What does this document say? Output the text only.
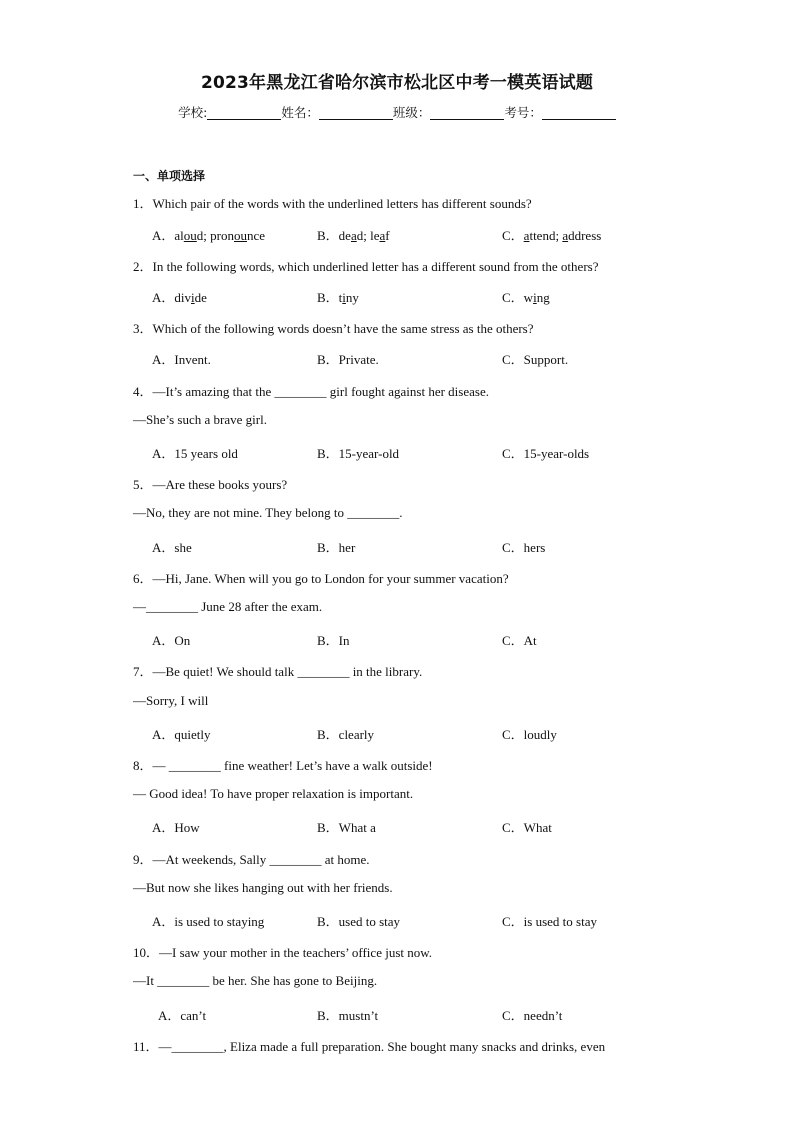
2023年黑龙江省哈尔滨市松北区中考一模英语试题
学校:	姓名：	班级：	考号：
一、单项选择
1．Which pair of the words with the underlined letters has different sounds?
A．aloud; pronounce	B．dead; leaf	C．attend; address
2．In the following words, which underlined letter has a different sound from the others?
A．divide	B．tiny	C．wing
3．Which of the following words doesn’t have the same stress as the others?
A．Invent.	B．Private.	C．Support.
4．—It’s amazing that the ________ girl fought against her disease.
—She’s such a brave girl.
A．15 years old	B．15-year-old	C．15-year-olds
5．—Are these books yours?
—No, they are not mine. They belong to ________.
A．she	B．her	C．hers
6．—Hi, Jane. When will you go to London for your summer vacation?
—________ June 28 after the exam.
A．On	B．In	C．At
7．—Be quiet! We should talk ________ in the library.
—Sorry, I will
A．quietly	B．clearly	C．loudly
8．— ________ fine weather! Let’s have a walk outside!
— Good idea! To have proper relaxation is important.
A．How	B．What a	C．What
9．—At weekends, Sally ________ at home.
—But now she likes hanging out with her friends.
A．is used to staying	B．used to stay	C．is used to stay
10．—I saw your mother in the teachers’ office just now.
—It ________ be her. She has gone to Beijing.
A．can’t	B．mustn’t	C．needn’t
11．—________, Eliza made a full preparation. She bought many snacks and drinks, even
